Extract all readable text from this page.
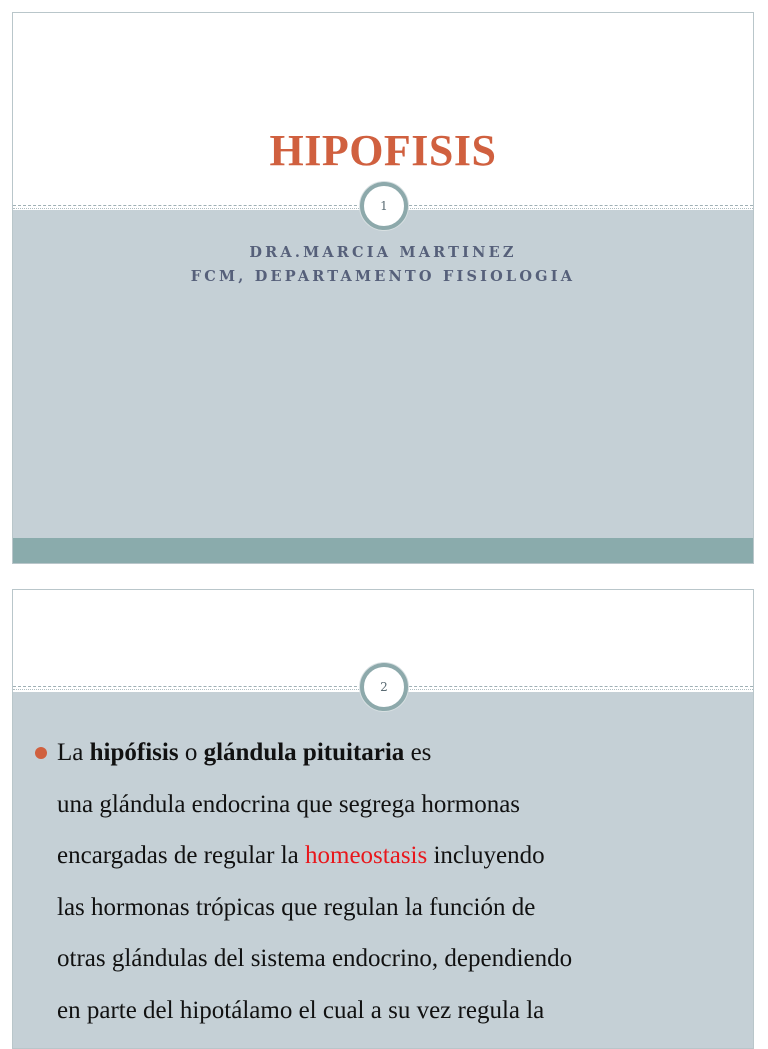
HIPOFISIS
1
DRA.MARCIA MARTINEZ
FCM, DEPARTAMENTO FISIOLOGIA
2
La hipófisis o glándula pituitaria es
una glándula endocrina que segrega hormonas
encargadas de regular la homeostasis incluyendo
las hormonas trópicas que regulan la función de
otras glándulas del sistema endocrino, dependiendo
en parte del hipotálamo el cual a su vez regula la
